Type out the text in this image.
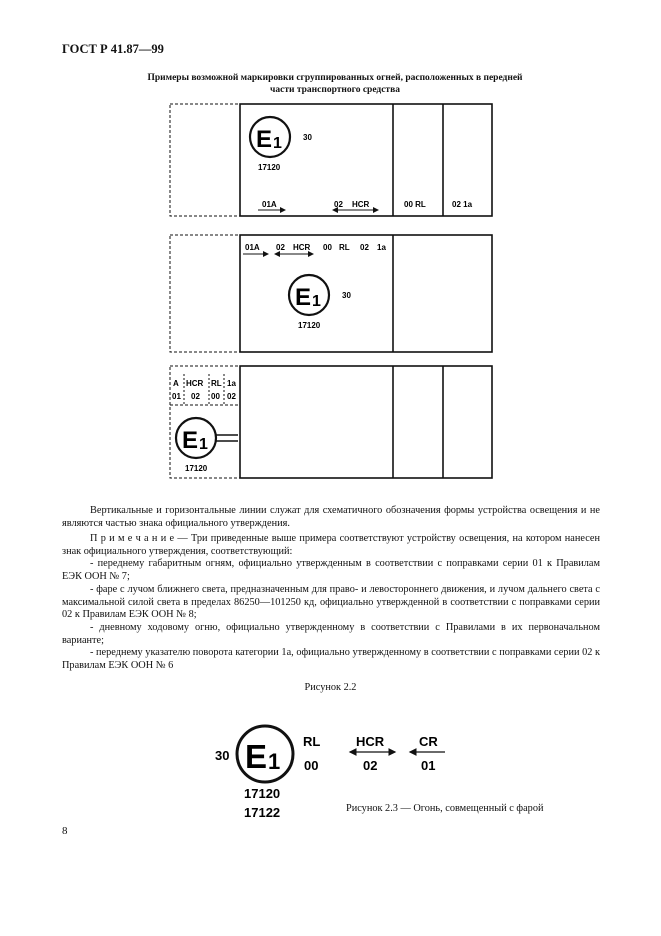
ГОСТ Р 41.87—99
Примеры возможной маркировки сгруппированных огней, расположенных в передней
части транспортного средства
E 1	30
17120
01A	02 HCR	00 RL	02 1a
01A 02 HCR 00 RL 02 1a
E 1	30
17120
A HCR RL 1a
01 02 00 02
E 1
17120
Вертикальные и горизонтальные линии служат для схематичного обозначения формы устройства освещения и не являются частью знака официального утверждения.
П р и м е ч а н и е — Три приведенные выше примера соответствуют устройству освещения, на котором нанесен знак официального утверждения, соответствующий:
- переднему габаритным огням, официально утвержденным в соответствии с поправками серии 01 к Правилам ЕЭК ООН № 7;
- фаре с лучом ближнего света, предназначенным для право- и левостороннего движения, и лучом дальнего света с максимальной силой света в пределах 86250—101250 кд, официально утвержденной в соответствии с поправками серии 02 к Правилам ЕЭК ООН № 8;
- дневному ходовому огню, официально утвержденному в соответствии с Правилами в их первоначальном варианте;
- переднему указателю поворота категории 1a, официально утвержденному в соответствии с поправками серии 02 к Правилам ЕЭК ООН № 6
Рисунок 2.2
30 E 1
17120
17122
RL
00
HCR
02
CR
01
Рисунок 2.3 — Огонь, совмещенный с фарой
8
